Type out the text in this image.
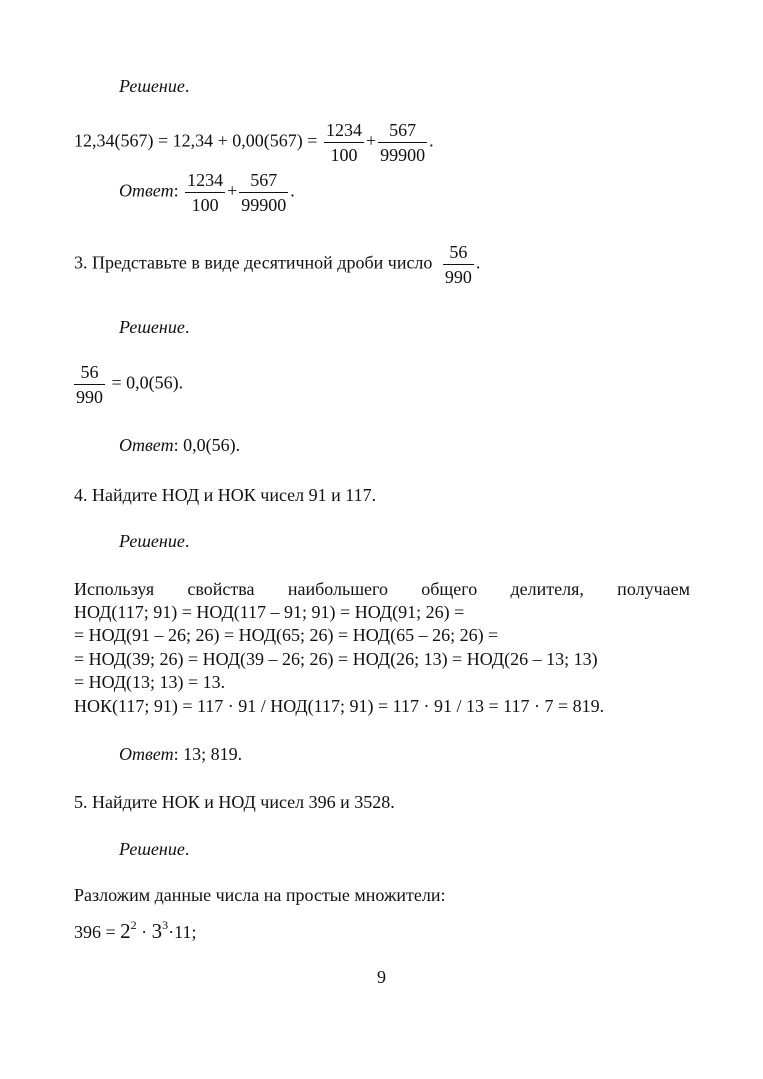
Решение.
$12,34(567) = 12,34 + 0,00(567) = \frac{1234}{100} + \frac{567}{99900}$ .
Ответ: $\frac{1234}{100} + \frac{567}{99900}$ .
3. Представьте в виде десятичной дроби число $\frac{56}{990}$ .
Решение.
$\frac{56}{990} = 0,0(56)$.
Ответ: 0,0(56).
4. Найдите НОД и НОК чисел 91 и 117.
Решение.
Используя свойства наибольшего общего делителя, получаем
НОД(117; 91) = НОД(117 – 91; 91) = НОД(91; 26) =
= НОД(91 – 26; 26) = НОД(65; 26) = НОД(65 – 26; 26) =
= НОД(39; 26) = НОД(39 – 26; 26) = НОД(26; 13) = НОД(26 – 13; 13)
= НОД(13; 13) = 13.
НОК(117; 91) = 117 · 91 / НОД(117; 91) = 117 · 91 / 13 = 117 · 7 = 819.
Ответ: 13; 819.
5. Найдите НОК и НОД чисел 396 и 3528.
Решение.
Разложим данные числа на простые множители:
$396 = 2^2 \cdot 3^3\cdot 11$;
9
